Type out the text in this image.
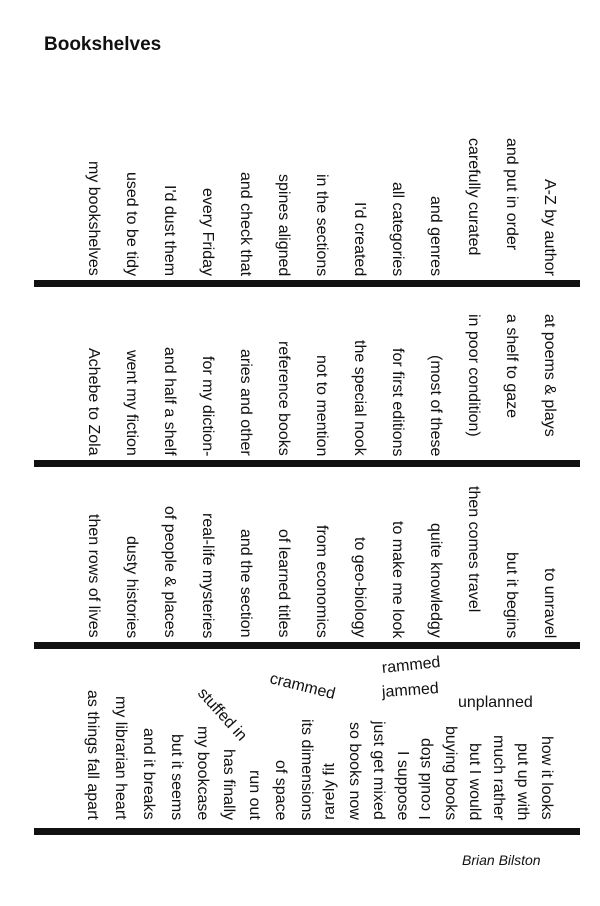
Bookshelves
A-Z by author
and put in order
carefully curated
and genres
all categories
I'd created
in the sections
spines aligned
and check that
every Friday
I'd dust them
used to be tidy
my bookshelves
at poems & plays
a shelf to gaze
in poor condition)
(most of these
for first editions
the special nook
not to mention
reference books
aries and other
for my diction-
and half a shelf
went my fiction
Achebe to Zola
to unravel
but it begins
then comes travel
quite knowledgy
to make me look
to geo-biology
from economics
of learned titles
and the section
real-life mysteries
of people & places
dusty histories
then rows of lives
how it looks
put up with
much rather
but I would
buying books
I could stop
I suppose
just get mixed
so books now
rarely fit
its dimensions
of space
run out
has finally
my bookcase
but it seems
and it breaks
my librarian heart
as things fall apart	unplanned
jammed
rammed
crammed
stuffed in
Brian Bilston
